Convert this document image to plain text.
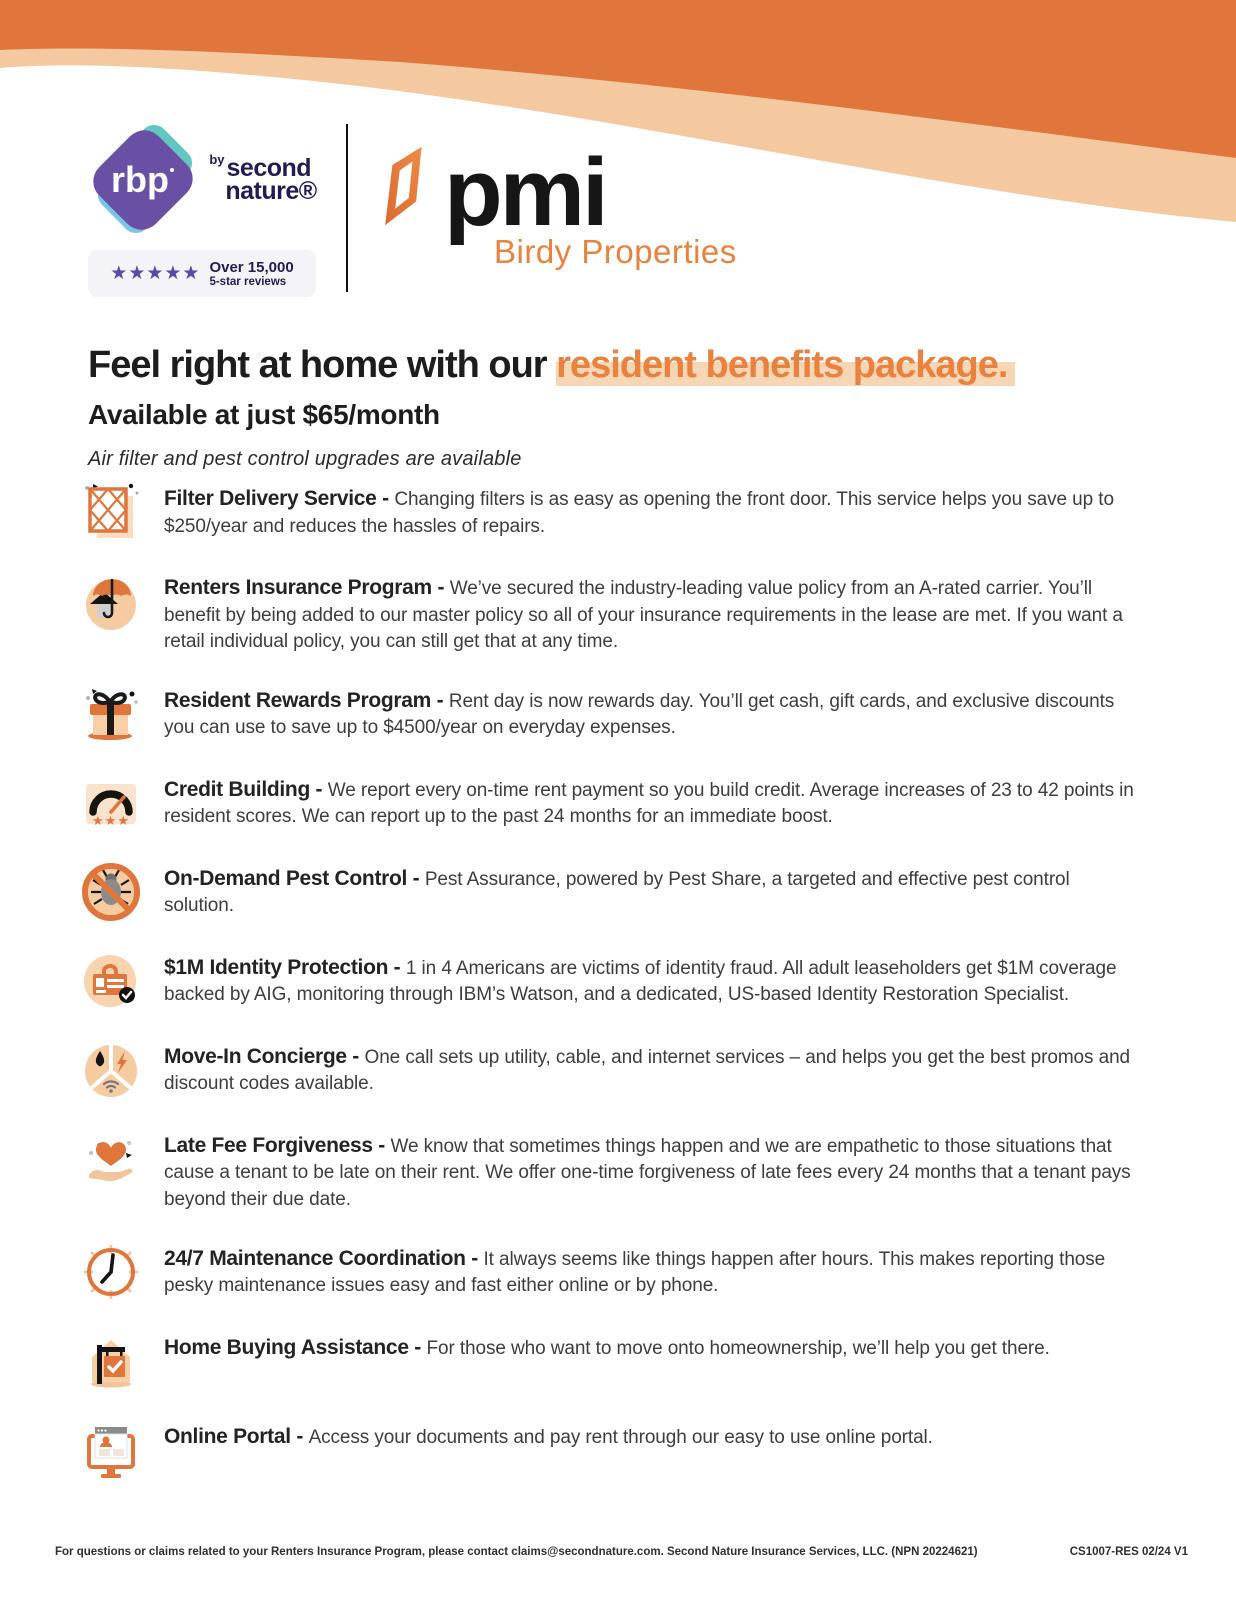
rbp	bysecond
nature®
★★★★★ Over 15,000
5-star reviews
pmi
Birdy Properties
Feel right at home with our resident benefits package.
Available at just $65/month
Air filter and pest control upgrades are available

Filter Delivery Service - Changing filters is as easy as opening the front door. This service helps you save up to $250/year and reduces the hassles of repairs.

Renters Insurance Program - We’ve secured the industry-leading value policy from an A-rated carrier. You’ll benefit by being added to our master policy so all of your insurance requirements in the lease are met. If you want a retail individual policy, you can still get that at any time.

Resident Rewards Program - Rent day is now rewards day. You’ll get cash, gift cards, and exclusive discounts you can use to save up to $4500/year on everyday expenses.

★★★

Credit Building - We report every on-time rent payment so you build credit. Average increases of 23 to 42 points in resident scores. We can report up to the past 24 months for an immediate boost.

On-Demand Pest Control - Pest Assurance, powered by Pest Share, a targeted and effective pest control solution.

$1M Identity Protection - 1 in 4 Americans are victims of identity fraud. All adult leaseholders get $1M coverage backed by AIG, monitoring through IBM’s Watson, and a dedicated, US-based Identity Restoration Specialist.

Move-In Concierge - One call sets up utility, cable, and internet services – and helps you get the best promos and discount codes available.

Late Fee Forgiveness - We know that sometimes things happen and we are empathetic to those situations that cause a tenant to be late on their rent. We offer one-time forgiveness of late fees every 24 months that a tenant pays beyond their due date.

24/7 Maintenance Coordination - It always seems like things happen after hours. This makes reporting those pesky maintenance issues easy and fast either online or by phone.

Home Buying Assistance - For those who want to move onto homeownership, we’ll help you get there.

Online Portal - Access your documents and pay rent through our easy to use online portal.

For questions or claims related to your Renters Insurance Program, please contact claims@secondnature.com. Second Nature Insurance Services, LLC. (NPN 20224621)	CS1007-RES 02/24 V1
